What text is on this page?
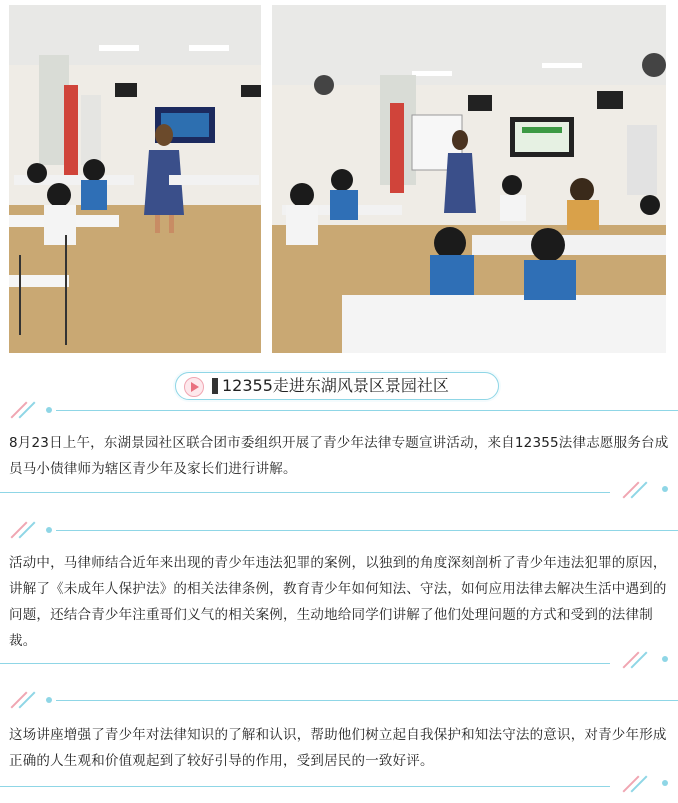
12355走进东湖风景区景园社区

8月23日上午，东湖景园社区联合团市委组织开展了青少年法律专题宣讲活动，来自12355法律志愿服务台成员马小债律师为辖区青少年及家长们进行讲解。

活动中，马律师结合近年来出现的青少年违法犯罪的案例，以独到的角度深刻剖析了青少年违法犯罪的原因，讲解了《未成年人保护法》的相关法律条例，教育青少年如何知法、守法，如何应用法律去解决生活中遇到的问题，还结合青少年注重哥们义气的相关案例，生动地给同学们讲解了他们处理问题的方式和受到的法律制裁。

这场讲座增强了青少年对法律知识的了解和认识，帮助他们树立起自我保护和知法守法的意识，对青少年形成正确的人生观和价值观起到了较好引导的作用，受到居民的一致好评。
